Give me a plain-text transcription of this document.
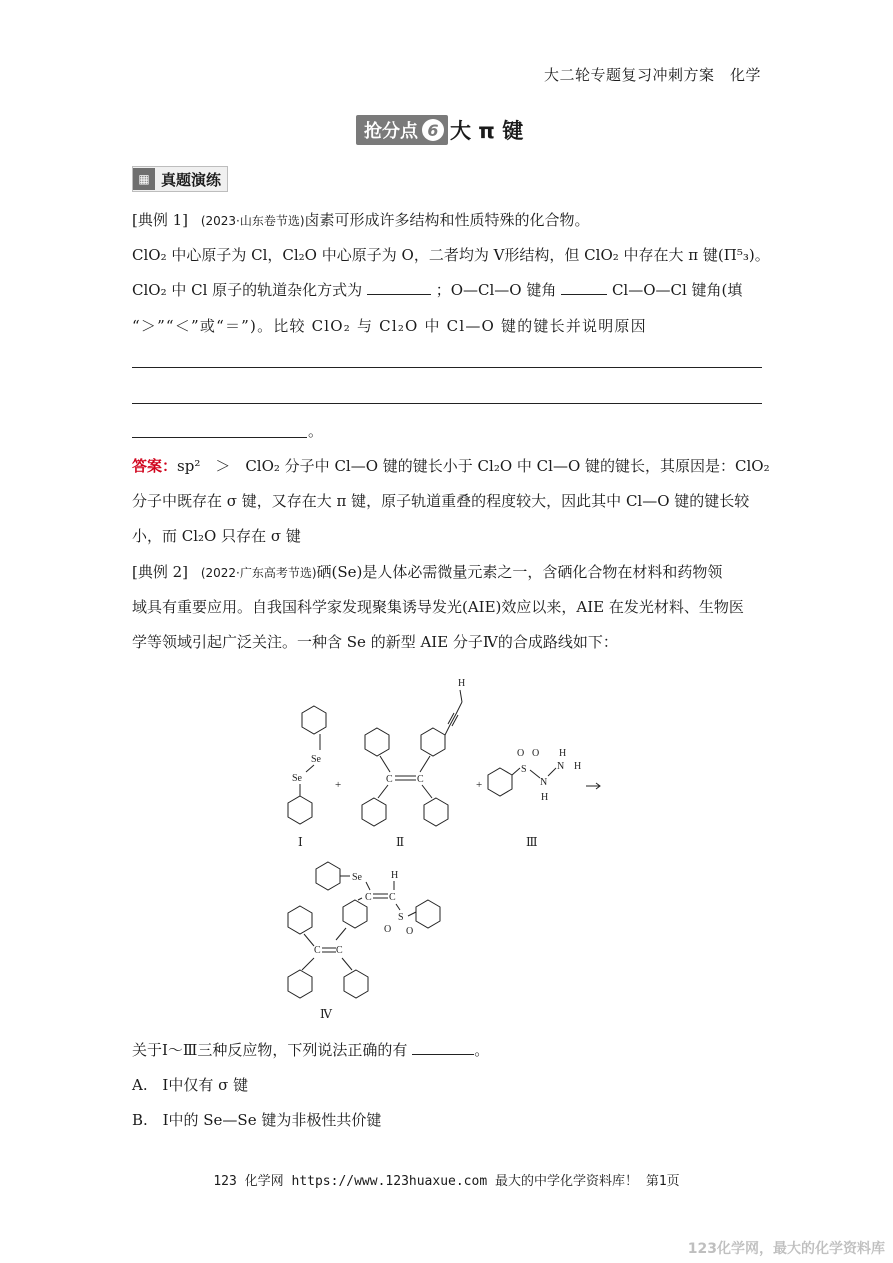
大二轮专题复习冲刺方案　化学
抢分点 6 大 π 键
▦ 真题演练
[典例 1] (2023·山东卷节选)卤素可形成许多结构和性质特殊的化合物。
ClO₂ 中心原子为 Cl，Cl₂O 中心原子为 O，二者均为 V形结构，但 ClO₂ 中存在大 π 键(Π⁵₃)。
ClO₂ 中 Cl 原子的轨道杂化方式为	；O—Cl—O 键角	Cl—O—Cl 键角(填
“＞”“＜”或“＝”)。比较 ClO₂ 与 Cl₂O 中 Cl—O 键的键长并说明原因
。
答案：sp²　＞　ClO₂ 分子中 Cl—O 键的键长小于 Cl₂O 中 Cl—O 键的键长，其原因是：ClO₂
分子中既存在 σ 键，又存在大 π 键，原子轨道重叠的程度较大，因此其中 Cl—O 键的键长较
小，而 Cl₂O 只存在 σ 键
[典例 2] (2022·广东高考节选)硒(Se)是人体必需微量元素之一，含硒化合物在材料和药物领
域具有重要应用。自我国科学家发现聚集诱导发光(AIE)效应以来，AIE 在发光材料、生物医
学等领域引起广泛关注。一种含 Se 的新型 AIE 分子Ⅳ的合成路线如下：
Se
Se
+	C C
H
+
S
O O
N
N
H
H
H
Ⅰ	Ⅱ	Ⅲ
Se
C C
H
S
O O
C C
Ⅳ
关于Ⅰ～Ⅲ三种反应物，下列说法正确的有	。
A. Ⅰ中仅有 σ 键
B. Ⅰ中的 Se—Se 键为非极性共价键
123 化学网 https://www.123huaxue.com 最大的中学化学资料库！ 第1页
123化学网，最大的化学资料库
